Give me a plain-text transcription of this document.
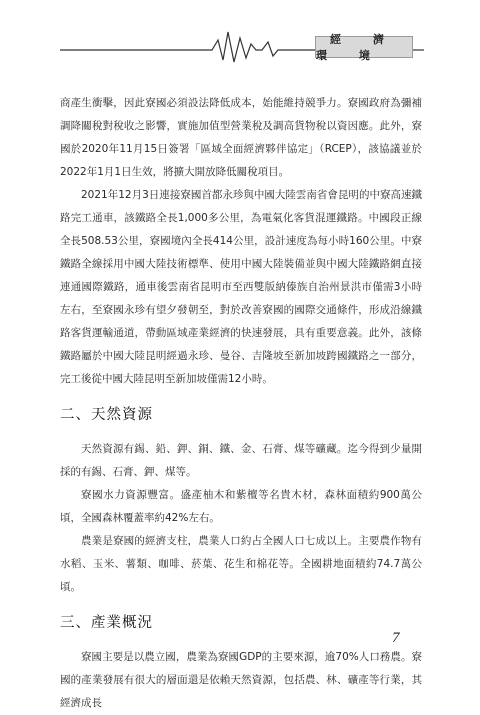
經 濟 環 境

商產生衝擊，因此寮國必須設法降低成本，始能維持競爭力。寮國政府為彌補調降關稅對稅收之影響，實施加值型營業稅及調高貨物稅以資因應。此外，寮國於2020年11月15日簽署「區域全面經濟夥伴協定」（RCEP），該協議並於2022年1月1日生效，將擴大開放降低關稅項目。

2021年12月3日連接寮國首都永珍與中國大陸雲南省會昆明的中寮高速鐵路完工通車，該鐵路全長1,000多公里，為電氣化客貨混運鐵路。中國段正線全長508.53公里，寮國境內全長414公里，設計速度為每小時160公里。中寮鐵路全線採用中國大陸技術標準、使用中國大陸裝備並與中國大陸鐵路網直接連通國際鐵路，通車後雲南省昆明市至西雙版納傣族自治州景洪市僅需3小時左右，至寮國永珍有望夕發朝至，對於改善寮國的國際交通條件，形成沿線鐵路客貨運輸通道，帶動區域產業經濟的快速發展，具有重要意義。此外，該條鐵路屬於中國大陸昆明經過永珍、曼谷、吉隆坡至新加坡跨國鐵路之一部分，完工後從中國大陸昆明至新加坡僅需12小時。

二、天然資源

天然資源有錫、鉛、鉀、銅、鐵、金、石膏、煤等礦藏。迄今得到少量開採的有錫、石膏、鉀、煤等。

寮國水力資源豐富。盛產柚木和紫檀等名貴木材，森林面積約900萬公頃，全國森林覆蓋率約42%左右。

農業是寮國的經濟支柱，農業人口約占全國人口七成以上。主要農作物有水稻、玉米、薯類、咖啡、菸葉、花生和棉花等。全國耕地面積約74.7萬公頃。

三、產業概況

寮國主要是以農立國，農業為寮國GDP的主要來源，逾70%人口務農。寮國的產業發展有很大的層面還是依賴天然資源，包括農、林、礦產等行業，其經濟成長

7
